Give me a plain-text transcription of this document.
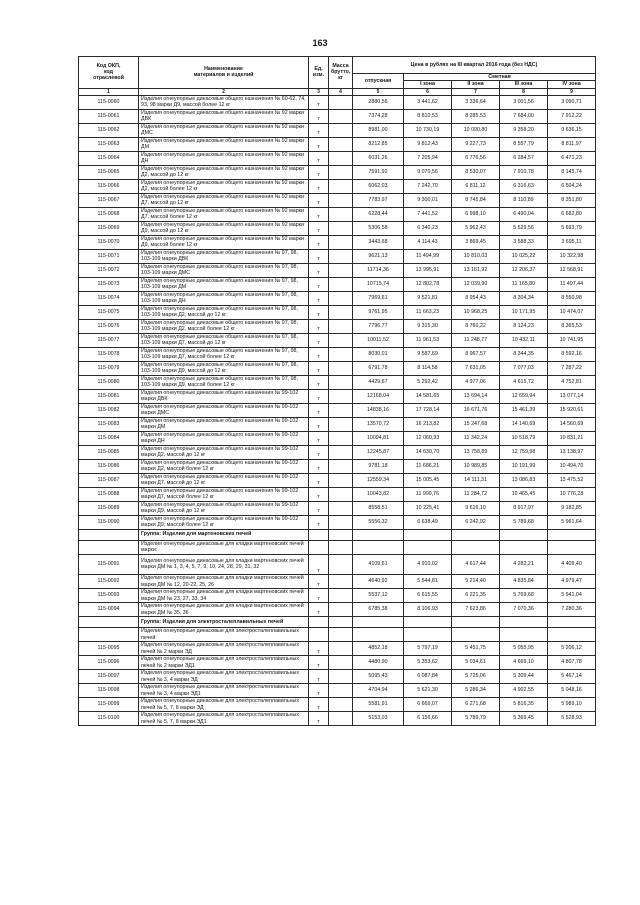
163
Код ОКП,
код
отраслевой	Наименование
материалов и изделий	Ед.
изм.	Масса
брутто,
кг	Цена в рублях на III квартал 2016 года (без НДС)				
				отпускная	Сметная			
					I зона	II зона	III зона	IV зона
1	2	3	4	5	6	7	8	9
115-0060	Изделия огнеупорные динасовые общего назначения № 60-62, 74, 93, 98 марки Д9, массой более 12 кг	т		2880,56	3 441,62	3 336,64	3 001,56	3 090,71
115-0061	Изделия огнеупорные динасовые общего назначения № 92 марки ДВК	т		7374,28	8 810,53	8 285,53	7 684,00	7 912,22
115-0062	Изделия огнеупорные динасовые общего назначения № 92 марки ДМС	т		8981,00	10 730,19	10 090,80	9 358,20	9 636,15
115-0063	Изделия огнеупорные динасовые общего назначения № 92 марки ДМ	т		8212,85	9 812,43	9 227,73	8 557,79	8 811,97
115-0064	Изделия огнеупорные динасовые общего назначения № 92 марки ДН	т		6031,26	7 205,94	6 776,56	6 284,57	6 471,23
115-0065	Изделия огнеупорные динасовые общего назначения № 92 марки Д2, массой до 12 кг	т		7591,92	9 070,56	8 530,07	7 910,78	8 145,74
115-0066	Изделия огнеупорные динасовые общего назначения № 92 марки Д2, массой более 12 кг	т		6062,03	7 242,70	6 811,12	6 316,63	6 504,24
115-0067	Изделия огнеупорные динасовые общего назначения № 92 марки Д7, массой до 12 кг	т		7783,97	9 300,01	8 745,84	8 110,89	8 351,80
115-0068	Изделия огнеупорные динасовые общего назначения № 92 марки Д7, массой более 12 кг	т		6228,44	7 441,52	6 998,10	6 490,04	6 682,80
115-0069	Изделия огнеупорные динасовые общего назначения № 92 марки Д9, массой до 12 кг	т		5306,58	6 340,23	5 962,43	5 529,56	5 693,79
115-0070	Изделия огнеупорные динасовые общего назначения № 92 марки Д9, массой более 12 кг	т		3443,68	4 114,43	3 869,45	3 588,33	3 695,11
115-0071	Изделия огнеупорные динасовые общего назначения № 97, 98, 103-109 марки ДВК	т		9621,13	11 494,99	10 810,03	10 025,22	10 322,98
115-0072	Изделия огнеупорные динасовые общего назначения № 97, 98, 103-109 марки ДМС	т		11714,36	13 995,91	13 161,92	12 206,37	12 568,91
115-0073	Изделия огнеупорные динасовые общего назначения № 97, 98, 103-109 марки ДМ	т		10715,74	12 802,78	12 039,90	11 165,80	11 497,44
115-0074	Изделия огнеупорные динасовые общего назначения № 97, 98, 103-109 марки ДН	т		7969,61	9 521,81	8 954,43	8 304,34	8 550,98
115-0075	Изделия огнеупорные динасовые общего назначения № 97, 98, 103-109 марки Д2, массой до 12 кг	т		9761,95	11 663,23	10 968,25	10 171,95	10 474,07
115-0076	Изделия огнеупорные динасовые общего назначения № 97, 98, 103-109 марки Д2, массой более 12 кг	т		7796,77	9 315,30	8 760,22	8 124,23	8 365,53
115-0077	Изделия огнеупорные динасовые общего назначения № 97, 98, 103-109 марки Д7, массой до 12 кг	т		10011,52	11 961,53	11 248,77	10 432,11	10 741,95
115-0078	Изделия огнеупорные динасовые общего назначения № 97, 98, 103-109 марки Д7, массой более 12 кг	т		8030,01	9 587,69	8 967,57	8 344,35	8 592,16
115-0079	Изделия огнеупорные динасовые общего назначения № 97, 98, 103-109 марки Д9, массой до 12 кг	т		6791,78	8 114,58	7 631,05	7 077,03	7 287,22
115-0080	Изделия огнеупорные динасовые общего назначения № 97, 98, 103-109 марки Д9, массой более 12 кг	т		4429,67	5 292,42	4 977,06	4 615,72	4 752,81
115-0081	Изделия огнеупорные динасовые общего назначения № 99-102 марки ДВК	т		12168,04	14 581,65	13 694,14	12 659,94	13 077,14
115-0082	Изделия огнеупорные динасовые общего назначения № 99-102 марки ДМС	т		14838,16	17 728,14	16 671,76	15 461,39	15 920,61
115-0083	Изделия огнеупорные динасовые общего назначения № 99-102 марки ДМ	т		13570,72	16 213,82	15 247,68	14 140,69	14 560,69
115-0084	Изделия огнеупорные динасовые общего назначения № 99-102 марки ДН	т		10094,81	12 060,93	11 342,24	10 518,79	10 831,21
115-0085	Изделия огнеупорные динасовые общего назначения № 99-102 марки Д2, массой до 12 кг	т		12245,87	14 630,70	13 758,89	12 759,98	13 138,97
115-0086	Изделия огнеупорные динасовые общего назначения № 99-102 марки Д2, массой более 12 кг	т		9781,18	11 686,21	10 989,85	10 191,99	10 494,70
115-0087	Изделия огнеупорные динасовые общего назначения № 99-102 марки Д7, массой до 12 кг	т		12559,34	15 005,45	14 111,31	13 086,83	13 475,52
115-0088	Изделия огнеупорные динасовые общего назначения № 99-102 марки Д7, массой более 12 кг	т		10043,82	11 999,76	11 284,72	10 465,45	10 776,28
115-0089	Изделия огнеупорные динасовые общего назначения № 99-102 марки Д9, массой до 12 кг	т		8558,51	10 225,41	9 616,10	8 917,97	9 182,85
115-0090	Изделия огнеупорные динасовые общего назначения № 99-102 марки Д9, массой более 12 кг	т		5556,32	6 638,49	6 242,92	5 789,68	5 961,64
	Группа: Изделия для мартеновских печей							
	Изделия огнеупорные динасовые для кладки мартеновских печей марки:							
115-0091	Изделия огнеупорные динасовые для кладки мартеновских печей марки ДМ № 1, 3, 4, 5, 7, 9, 10, 24, 28, 29, 31, 32	т		4109,61	4 910,02	4 617,44	4 282,21	4 409,40
115-0092	Изделия огнеупорные динасовые для кладки мартеновских печей марки ДМ № 12, 20-22, 25, 26	т		4640,92	5 544,81	5 214,40	4 835,84	4 979,47
115-0093	Изделия огнеупорные динасовые для кладки мартеновских печей марки ДМ № 23, 27, 33, 34	т		5537,12	6 615,55	6 221,35	5 769,68	5 941,04
115-0094	Изделия огнеупорные динасовые для кладки мартеновских печей марки ДМ № 35, 36	т		6785,38	8 106,93	7 623,86	7 070,36	7 280,36
	Группа: Изделия для электросталеплавильных печей							
	Изделия огнеупорные динасовые для электросталеплавильных печей:							
115-0095	Изделия огнеупорные динасовые для электросталеплавильных печей № 2 марки ЭД	т		4852,18	5 797,19	5 451,75	5 055,95	5 206,12
115-0096	Изделия огнеупорные динасовые для электросталеплавильных печей № 2 марки ЭД1	т		4480,90	5 353,62	5 034,61	4 669,10	4 807,78
115-0097	Изделия огнеупорные динасовые для электросталеплавильных печей № 3, 4 марки ЭД	т		5095,43	6 087,84	5 725,06	5 309,44	5 467,14
115-0098	Изделия огнеупорные динасовые для электросталеплавильных печей № 3, 4 марки ЭД1	т		4704,94	5 621,30	5 286,34	4 902,55	5 048,16
115-0099	Изделия огнеупорные динасовые для электросталеплавильных печей № 5, 7, 8 марки ЭД	т		5581,91	6 669,07	6 271,68	5 816,35	5 989,10
115-0100	Изделия огнеупорные динасовые для электросталеплавильных печей № 5, 7, 8 марки ЭД1	т		5153,03	6 156,66	5 789,79	5 369,45	5 528,93
